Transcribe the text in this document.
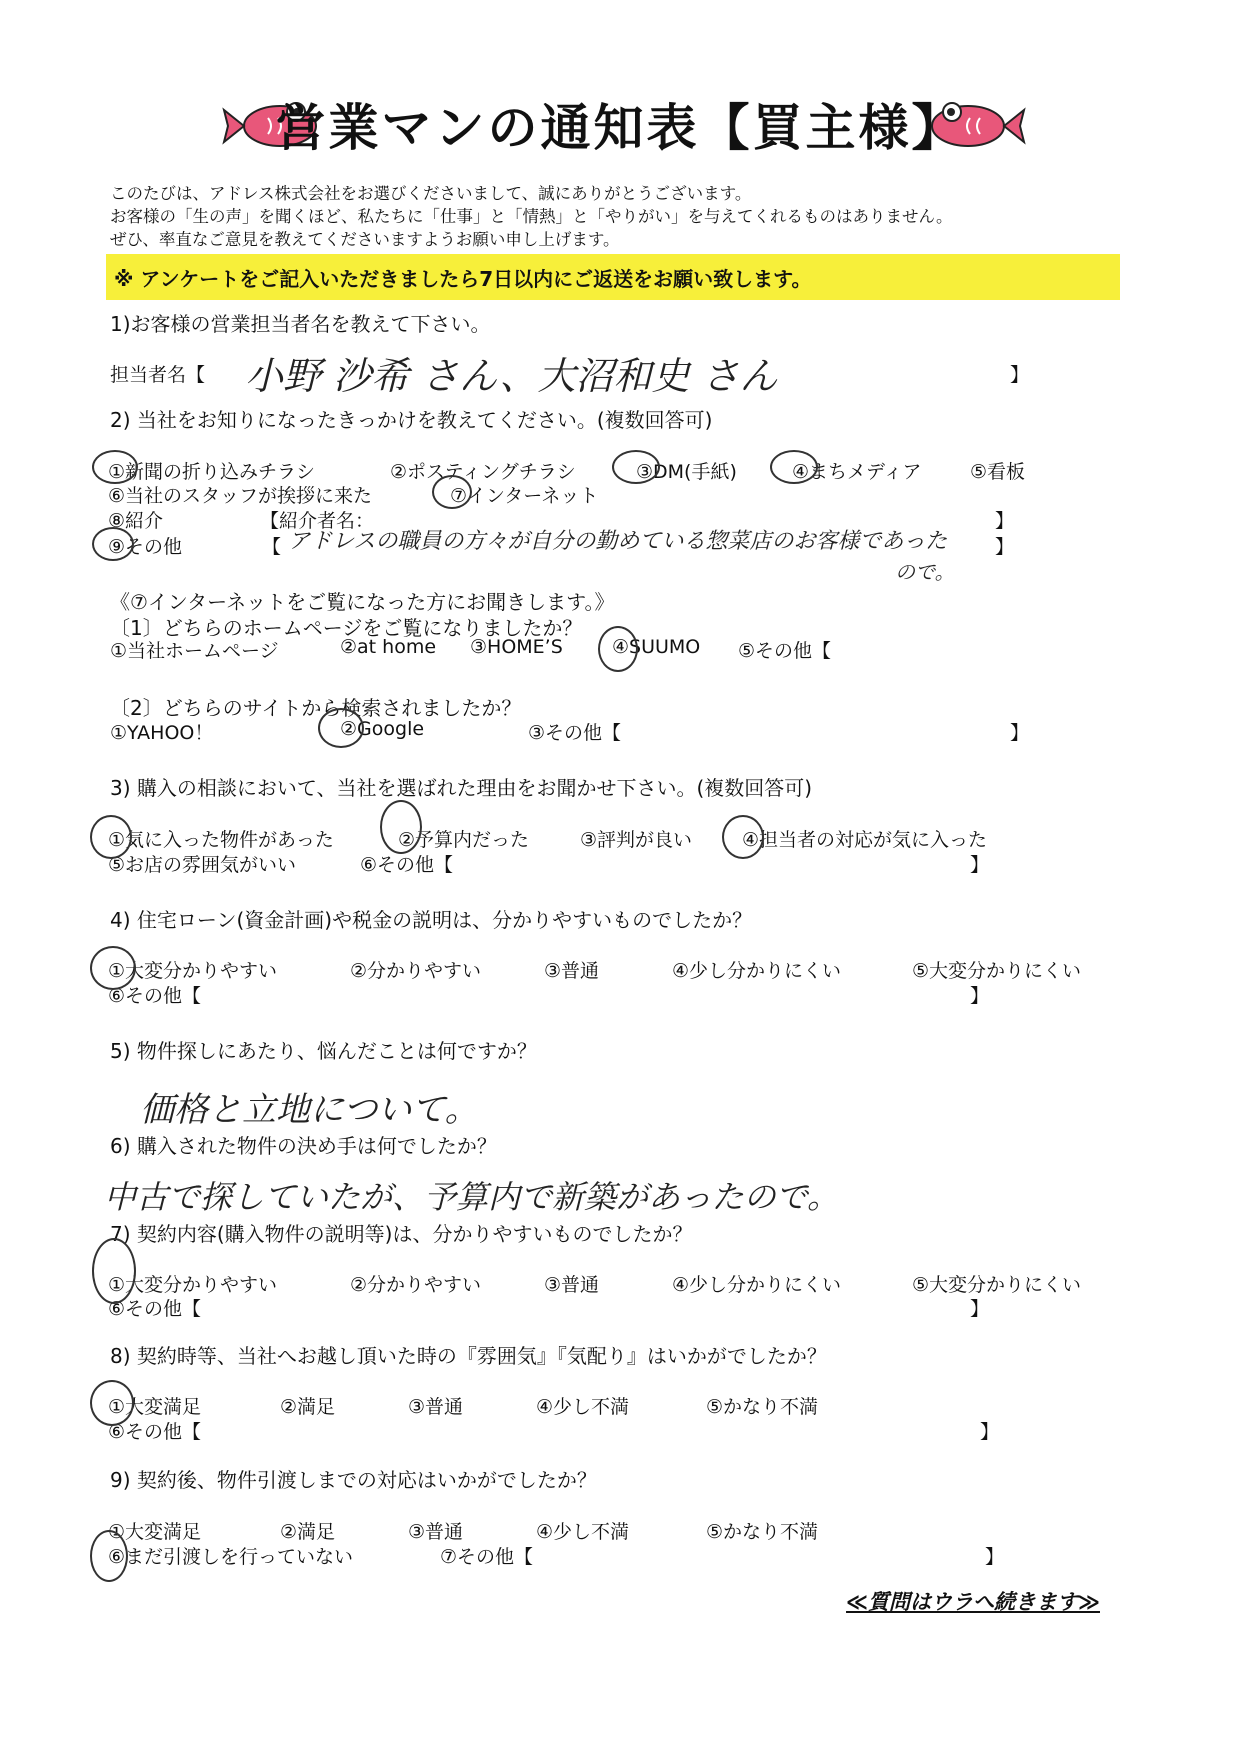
営業マンの通知表【買主様】
このたびは、アドレス株式会社をお選びくださいまして、誠にありがとうございます。
お客様の「生の声」を聞くほど、私たちに「仕事」と「情熱」と「やりがい」を与えてくれるものはありません。
ぜひ、率直なご意見を教えてくださいますようお願い申し上げます。
※ アンケートをご記入いただきましたら7日以内にご返送をお願い致します。
1)お客様の営業担当者名を教えて下さい。
担当者名【 小野 沙希 さん、大沼和史 さん	】
2) 当社をお知りになったきっかけを教えてください。(複数回答可)
①新聞の折り込みチラシ	②ポスティングチラシ	③DM(手紙)	④まちメディア	⑤看板
⑥当社のスタッフが挨拶に来た	⑦インターネット
⑧紹介	【紹介者名：	】
⑨その他	【 アドレスの職員の方々が自分の勤めている惣菜店のお客様であった	】
ので。
《⑦インターネットをご覧になった方にお聞きします。》
〔1〕どちらのホームページをご覧になりましたか？
①当社ホームページ	②at home ③HOME’S	④SUUMO ⑤その他【
〔2〕どちらのサイトから検索されましたか？
①YAHOO！	②Google	③その他【	】
3) 購入の相談において、当社を選ばれた理由をお聞かせ下さい。(複数回答可)
①気に入った物件があった	②予算内だった	③評判が良い	④担当者の対応が気に入った
⑤お店の雰囲気がいい	⑥その他【	】
4) 住宅ローン(資金計画)や税金の説明は、分かりやすいものでしたか？
①大変分かりやすい	②分かりやすい	③普通	④少し分かりにくい	⑤大変分かりにくい
⑥その他【	】
5) 物件探しにあたり、悩んだことは何ですか？
価格と立地について。
6) 購入された物件の決め手は何でしたか？
中古で探していたが、予算内で新築があったので。
7) 契約内容(購入物件の説明等)は、分かりやすいものでしたか？
①大変分かりやすい	②分かりやすい	③普通	④少し分かりにくい	⑤大変分かりにくい
⑥その他【	】
8) 契約時等、当社へお越し頂いた時の『雰囲気』『気配り』はいかがでしたか？
①大変満足	②満足	③普通	④少し不満	⑤かなり不満
⑥その他【	】
9) 契約後、物件引渡しまでの対応はいかがでしたか？
①大変満足	②満足	③普通	④少し不満	⑤かなり不満
⑥まだ引渡しを行っていない	⑦その他【	】
≪質問はウラへ続きます≫
